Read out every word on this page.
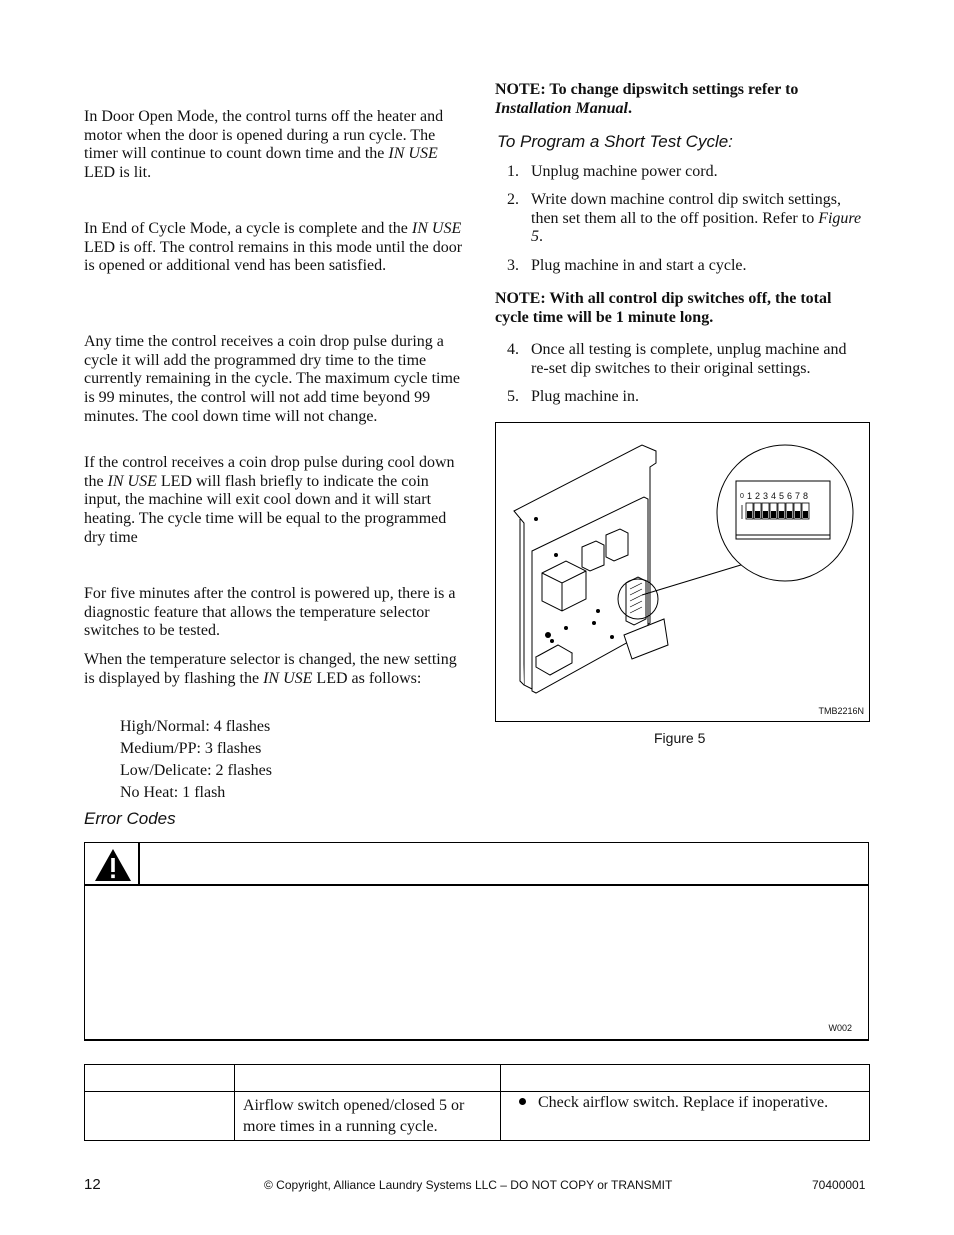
In Door Open Mode, the control turns off the heater and motor when the door is opened during a run cycle. The timer will continue to count down time and the IN USE LED is lit.

In End of Cycle Mode, a cycle is complete and the IN USE LED is off. The control remains in this mode until the door is opened or additional vend has been satisfied.

Any time the control receives a coin drop pulse during a cycle it will add the programmed dry time to the time currently remaining in the cycle. The maximum cycle time is 99 minutes, the control will not add time beyond 99 minutes. The cool down time will not change.

If the control receives a coin drop pulse during cool down the IN USE LED will flash briefly to indicate the coin input, the machine will exit cool down and it will start heating. The cycle time will be equal to the programmed dry time

For five minutes after the control is powered up, there is a diagnostic feature that allows the temperature selector switches to be tested.

When the temperature selector is changed, the new setting is displayed by flashing the IN USE LED as follows:

High/Normal: 4 flashes
Medium/PP: 3 flashes
Low/Delicate: 2 flashes
No Heat: 1 flash
Error Codes

NOTE: To change dipswitch settings refer to Installation Manual.

To Program a Short Test Cycle:
1. Unplug machine power cord.
2. Write down machine control dip switch settings, then set them all to the off position. Refer to Figure 5.
3. Plug machine in and start a cycle.

NOTE: With all control dip switches off, the total cycle time will be 1 minute long.

4. Once all testing is complete, unplug machine and re-set dip switches to their original settings.
5. Plug machine in.
0 1 2 3 4 5 6 7 8
TMB2216N
Figure 5
W002

	Airflow switch opened/closed 5 or more times in a running cycle.	Check airflow switch. Replace if inoperative.
12	© Copyright, Alliance Laundry Systems LLC – DO NOT COPY or TRANSMIT	70400001
